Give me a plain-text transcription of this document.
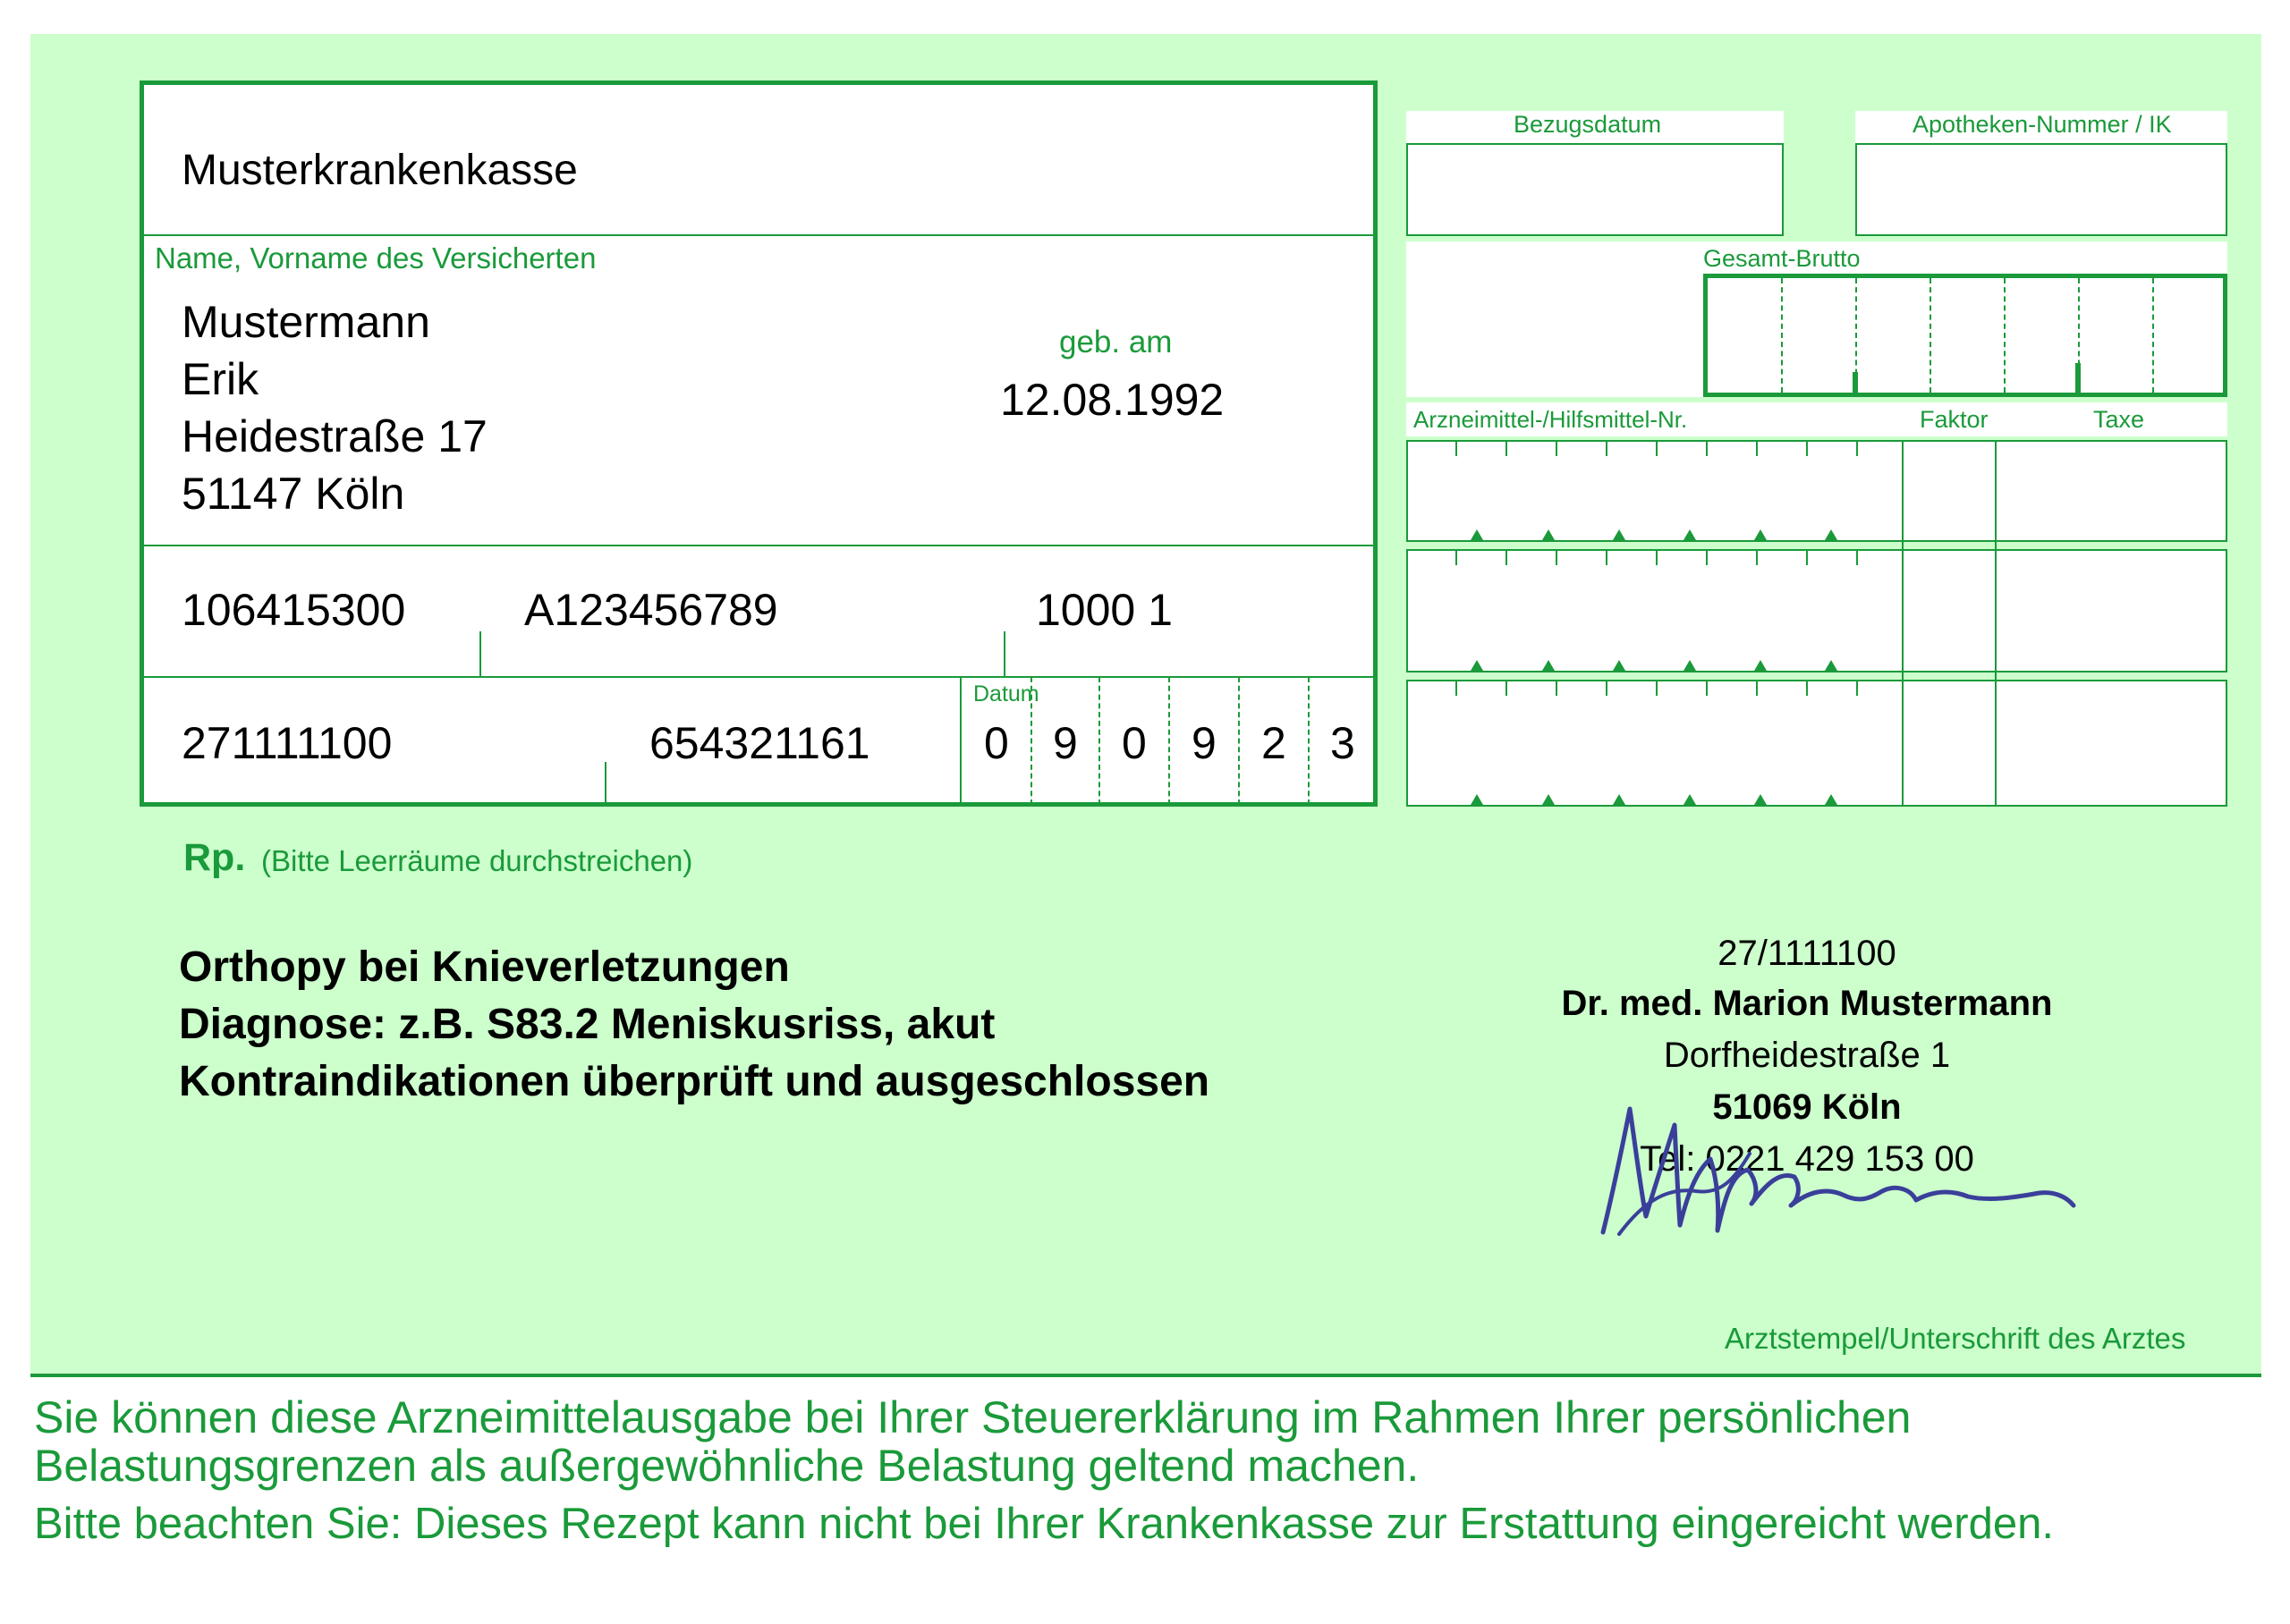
Musterkrankenkasse
Name, Vorname des Versicherten
Mustermann
Erik
Heidestraße 17
51147 Köln
geb. am
12.08.1992
106415300	A123456789	1000 1
271111100	654321161
Datum
0 9 0 9 2 3
Bezugsdatum	Apotheken-Nummer / IK
Gesamt-Brutto
Arzneimittel-/Hilfsmittel-Nr.	Faktor	Taxe
Rp. (Bitte Leerräume durchstreichen)
Orthopy bei Knieverletzungen
Diagnose: z.B. S83.2 Meniskusriss, akut
Kontraindikationen überprüft und ausgeschlossen
27/1111100
Dr. med. Marion Mustermann
Dorfheidestraße 1
51069 Köln
Tel: 0221 429 153 00
Arztstempel/Unterschrift des Arztes
Sie können diese Arzneimittelausgabe bei Ihrer Steuererklärung im Rahmen Ihrer persönlichen
Belastungsgrenzen als außergewöhnliche Belastung geltend machen.
Bitte beachten Sie: Dieses Rezept kann nicht bei Ihrer Krankenkasse zur Erstattung eingereicht werden.
